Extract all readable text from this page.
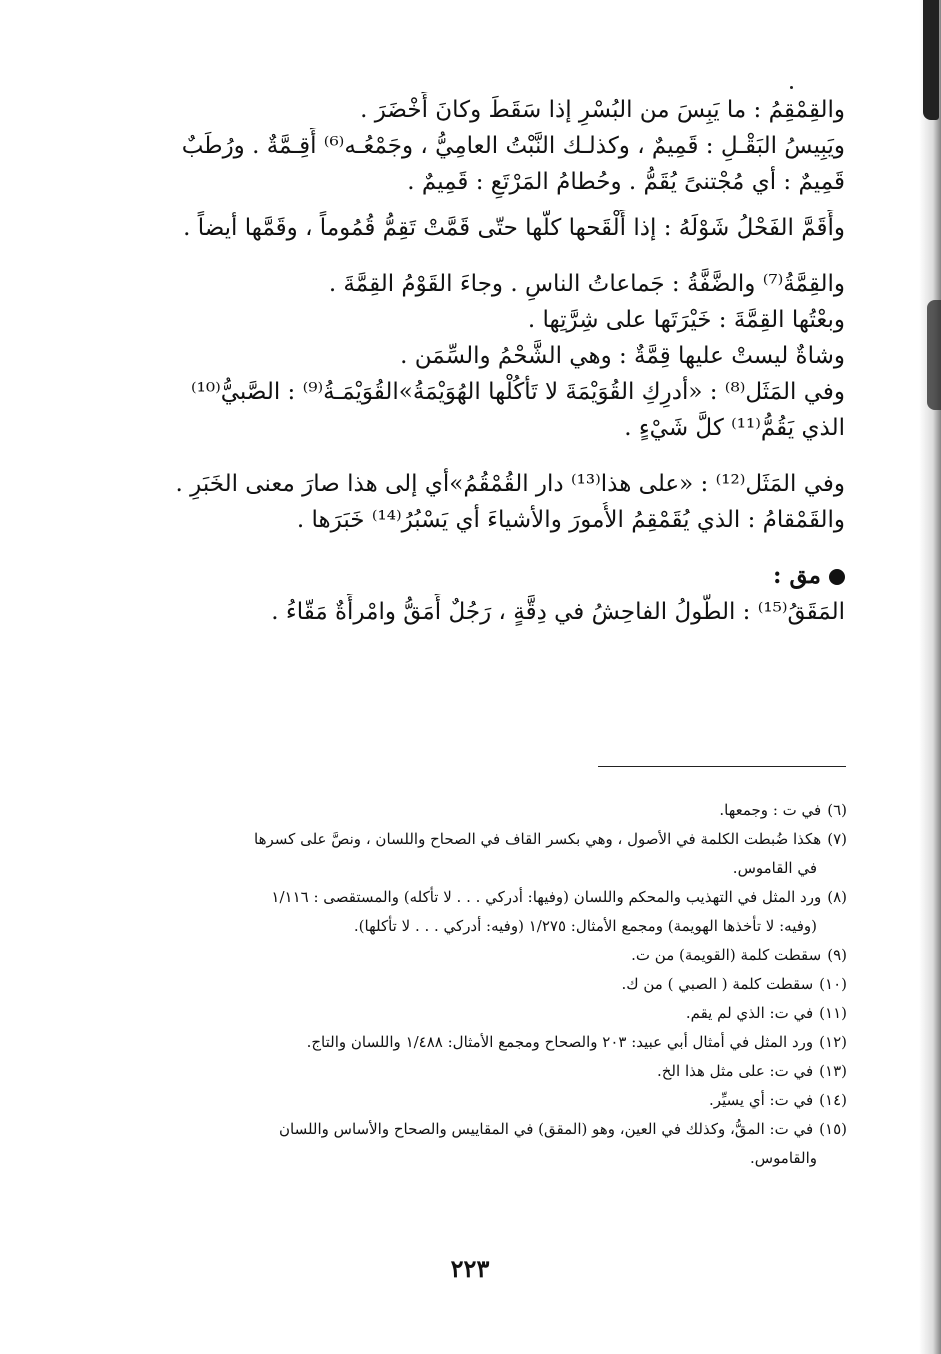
والقِمْقِمُ : ما يَبِسَ من البُسْرِ إذا سَقَطَ وكانَ أَخْضَرَ .
ويَبِيسُ البَقْـلِ : قَمِيمٌ ، وكذلـك النَّبْتُ العامِيُّ ، وجَمْعُـه⁽⁶⁾ أَقِـمَّةٌ . ورُطَبٌ
قَمِيمٌ : أي مُجْتنىً يُقَمُّ . وحُطامُ المَرْتَعِ : قَمِيمٌ .
وأَقَمَّ الفَحْلُ شَوْلَهُ : إذا أَلْقَحها كلَّها حتّى قَمَّتْ تَقِمُّ قُمُوماً ، وقَمَّها أيضاً .
والقِمَّةُ⁽⁷⁾ والضَّفَّةُ : جَماعاتُ الناسِ . وجاءَ القَوْمُ القِمَّةَ .
وبعْتُها القِمَّةَ : خَيْرَتَها على شِرَّتِها .
وشاةٌ ليستْ عليها قِمَّةٌ : وهي الشَّحْمُ والسِّمَن .
وفي المَثَل⁽⁸⁾ : «أدرِكِ القُوَيْمَةَ لا تَأْكُلْها الهُوَيْمَةُ»القُوَيْمَـةُ⁽⁹⁾ : الصَّبيُّ⁽¹⁰⁾
الذي يَقُمُّ⁽¹¹⁾ كلَّ شَيْءٍ .
وفي المَثَل⁽¹²⁾ : «على هذا⁽¹³⁾ دار القُمْقُمُ»أي إلى هذا صارَ معنى الخَبَرِ .
والقَمْقامُ : الذي يُقَمْقِمُ الأُمورَ والأشياءَ أي يَسْبُرُ⁽¹⁴⁾ خَبَرَها .
مق :
المَقَقُ⁽¹⁵⁾ : الطُّولُ الفاحِشُ في دِقَّةٍ ، رَجُلٌ أَمَقُّ وامْرأَةٌ مَقّاءُ .
(٦)في ت : وجمعها.
(٧)هكذا ضُبطت الكلمة في الأصول ، وهي بكسر القاف في الصحاح واللسان ، ونصَّ على كسرها
في القاموس.
(٨)ورد المثل في التهذيب والمحكم واللسان (وفيها: أدركي . . . لا تأكله) والمستقصى : ١/١١٦
(وفيه: لا تأخذها الهويمة) ومجمع الأمثال: ١/٢٧٥ (وفيه: أدركي . . . لا تأكلها).
(٩)سقطت كلمة (القويمة) من ت.
(١٠)سقطت كلمة ( الصبي ) من ك.
(١١)في ت: الذي لم يقم.
(١٢)ورد المثل في أمثال أبي عبيد: ٢٠٣ والصحاح ومجمع الأمثال: ١/٤٨٨ واللسان والتاج.
(١٣)في ت: على مثل هذا الخ.
(١٤)في ت: أي يسيِّر.
(١٥)في ت: المقُّ، وكذلك في العين، وهو (المقق) في المقاييس والصحاح والأساس واللسان
والقاموس.
٢٢٣
